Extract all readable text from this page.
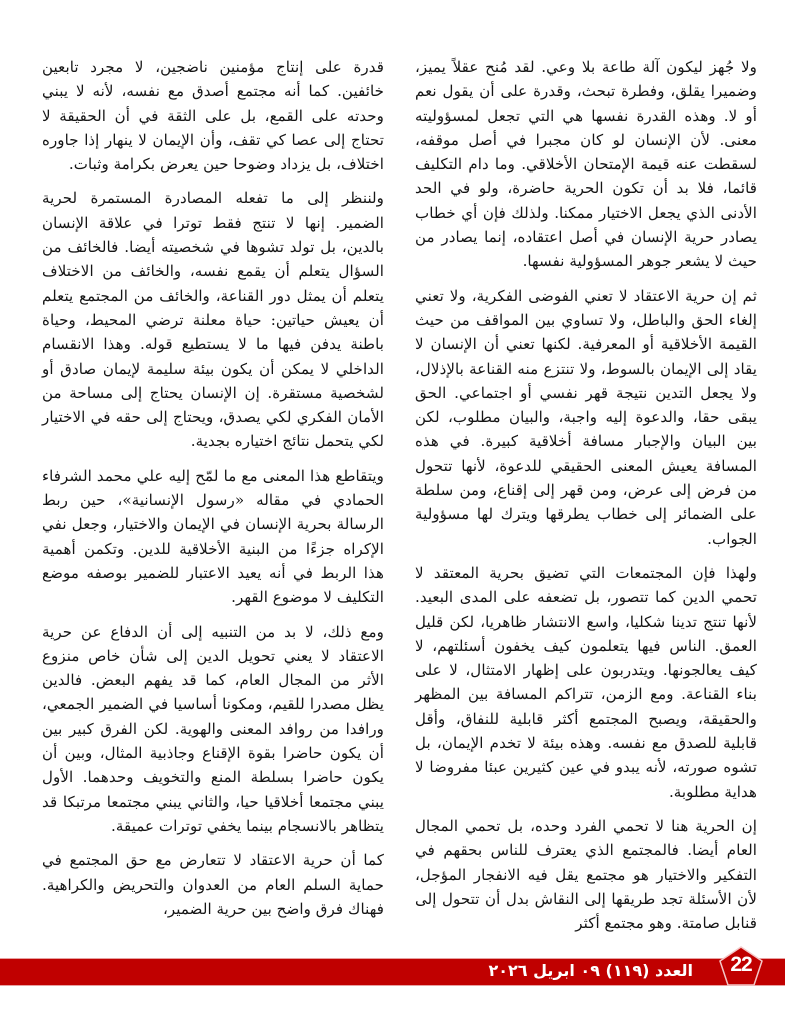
ولا جُهز ليكون آلة طاعة بلا وعي. لقد مُنح عقلاً يميز، وضميرا يقلق، وفطرة تبحث، وقدرة على أن يقول نعم أو لا. وهذه القدرة نفسها هي التي تجعل لمسؤوليته معنى. لأن الإنسان لو كان مجبرا في أصل موقفه، لسقطت عنه قيمة الإمتحان الأخلاقي. وما دام التكليف قائما، فلا بد أن تكون الحرية حاضرة، ولو في الحد الأدنى الذي يجعل الاختيار ممكنا. ولذلك فإن أي خطاب يصادر حرية الإنسان في أصل اعتقاده، إنما يصادر من حيث لا يشعر جوهر المسؤولية نفسها.

ثم إن حرية الاعتقاد لا تعني الفوضى الفكرية، ولا تعني إلغاء الحق والباطل، ولا تساوي بين المواقف من حيث القيمة الأخلاقية أو المعرفية. لكنها تعني أن الإنسان لا يقاد إلى الإيمان بالسوط، ولا تنتزع منه القناعة بالإذلال، ولا يجعل التدين نتيجة قهر نفسي أو اجتماعي. الحق يبقى حقا، والدعوة إليه واجبة، والبيان مطلوب، لكن بين البيان والإجبار مسافة أخلاقية كبيرة. في هذه المسافة يعيش المعنى الحقيقي للدعوة، لأنها تتحول من فرض إلى عرض، ومن قهر إلى إقناع، ومن سلطة على الضمائر إلى خطاب يطرقها ويترك لها مسؤولية الجواب.

ولهذا فإن المجتمعات التي تضيق بحرية المعتقد لا تحمي الدين كما تتصور، بل تضعفه على المدى البعيد. لأنها تنتج تدينا شكليا، واسع الانتشار ظاهريا، لكن قليل العمق. الناس فيها يتعلمون كيف يخفون أسئلتهم، لا كيف يعالجونها. ويتدربون على إظهار الامتثال، لا على بناء القناعة. ومع الزمن، تتراكم المسافة بين المظهر والحقيقة، ويصبح المجتمع أكثر قابلية للنفاق، وأقل قابلية للصدق مع نفسه. وهذه بيئة لا تخدم الإيمان، بل تشوه صورته، لأنه يبدو في عين كثيرين عبئا مفروضا لا هداية مطلوبة.

إن الحرية هنا لا تحمي الفرد وحده، بل تحمي المجال العام أيضا. فالمجتمع الذي يعترف للناس بحقهم في التفكير والاختيار هو مجتمع يقل فيه الانفجار المؤجل، لأن الأسئلة تجد طريقها إلى النقاش بدل أن تتحول إلى قنابل صامتة. وهو مجتمع أكثر

قدرة على إنتاج مؤمنين ناضجين، لا مجرد تابعين خائفين. كما أنه مجتمع أصدق مع نفسه، لأنه لا يبني وحدته على القمع، بل على الثقة في أن الحقيقة لا تحتاج إلى عصا كي تقف، وأن الإيمان لا ينهار إذا جاوره اختلاف، بل يزداد وضوحا حين يعرض بكرامة وثبات.

ولننظر إلى ما تفعله المصادرة المستمرة لحرية الضمير. إنها لا تنتج فقط توترا في علاقة الإنسان بالدين، بل تولد تشوها في شخصيته أيضا. فالخائف من السؤال يتعلم أن يقمع نفسه، والخائف من الاختلاف يتعلم أن يمثل دور القناعة، والخائف من المجتمع يتعلم أن يعيش حياتين: حياة معلنة ترضي المحيط، وحياة باطنة يدفن فيها ما لا يستطيع قوله. وهذا الانقسام الداخلي لا يمكن أن يكون بيئة سليمة لإيمان صادق أو لشخصية مستقرة. إن الإنسان يحتاج إلى مساحة من الأمان الفكري لكي يصدق، ويحتاج إلى حقه في الاختيار لكي يتحمل نتائج اختياره بجدية.

ويتقاطع هذا المعنى مع ما لمّح إليه علي محمد الشرفاء الحمادي في مقاله «رسول الإنسانية»، حين ربط الرسالة بحرية الإنسان في الإيمان والاختيار، وجعل نفي الإكراه جزءًا من البنية الأخلاقية للدين. وتكمن أهمية هذا الربط في أنه يعيد الاعتبار للضمير بوصفه موضع التكليف لا موضوع القهر.

ومع ذلك، لا بد من التنبيه إلى أن الدفاع عن حرية الاعتقاد لا يعني تحويل الدين إلى شأن خاص منزوع الأثر من المجال العام، كما قد يفهم البعض. فالدين يظل مصدرا للقيم، ومكونا أساسيا في الضمير الجمعي، ورافدا من روافد المعنى والهوية. لكن الفرق كبير بين أن يكون حاضرا بقوة الإقناع وجاذبية المثال، وبين أن يكون حاضرا بسلطة المنع والتخويف وحدهما. الأول يبني مجتمعا أخلاقيا حيا، والثاني يبني مجتمعا مرتبكا قد يتظاهر بالانسجام بينما يخفي توترات عميقة.

كما أن حرية الاعتقاد لا تتعارض مع حق المجتمع في حماية السلم العام من العدوان والتحريض والكراهية. فهناك فرق واضح بين حرية الضمير،

العدد (١١٩) ٠٩ ابريل ٢٠٢٦	22
